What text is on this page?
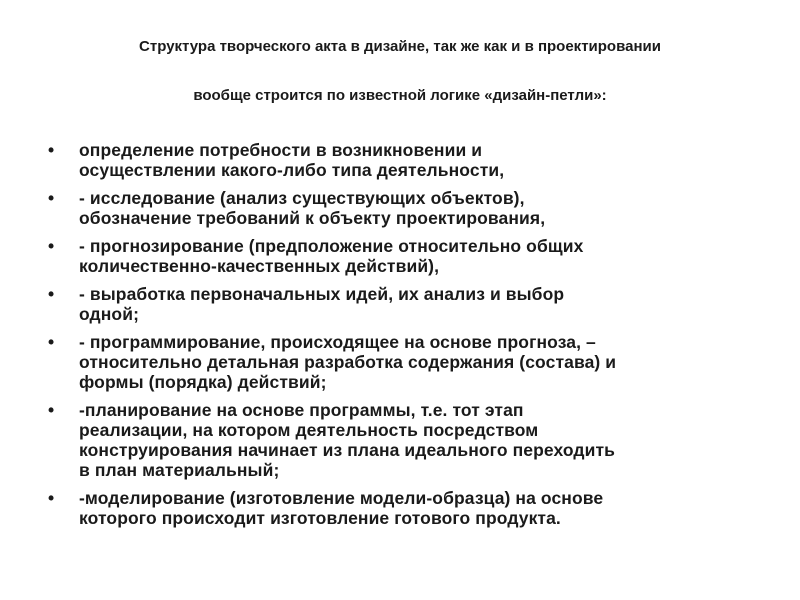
Структура творческого акта в дизайне, так же как и в проектировании
вообще строится по известной логике «дизайн-петли»:
•	определение потребности в возникновении и
осуществлении какого-либо типа деятельности,
•	- исследование (анализ существующих объектов),
обозначение требований к объекту проектирования,
•	- прогнозирование (предположение относительно общих
количественно-качественных действий),
•	- выработка первоначальных идей, их анализ и выбор
одной;
•	- программирование, происходящее на основе прогноза, –
относительно детальная разработка содержания (состава) и
формы (порядка) действий;
•	-планирование на основе программы, т.е. тот этап
реализации, на котором деятельность посредством
конструирования начинает из плана идеального переходить
в план материальный;
•	-моделирование (изготовление модели-образца) на основе
которого происходит изготовление готового продукта.
